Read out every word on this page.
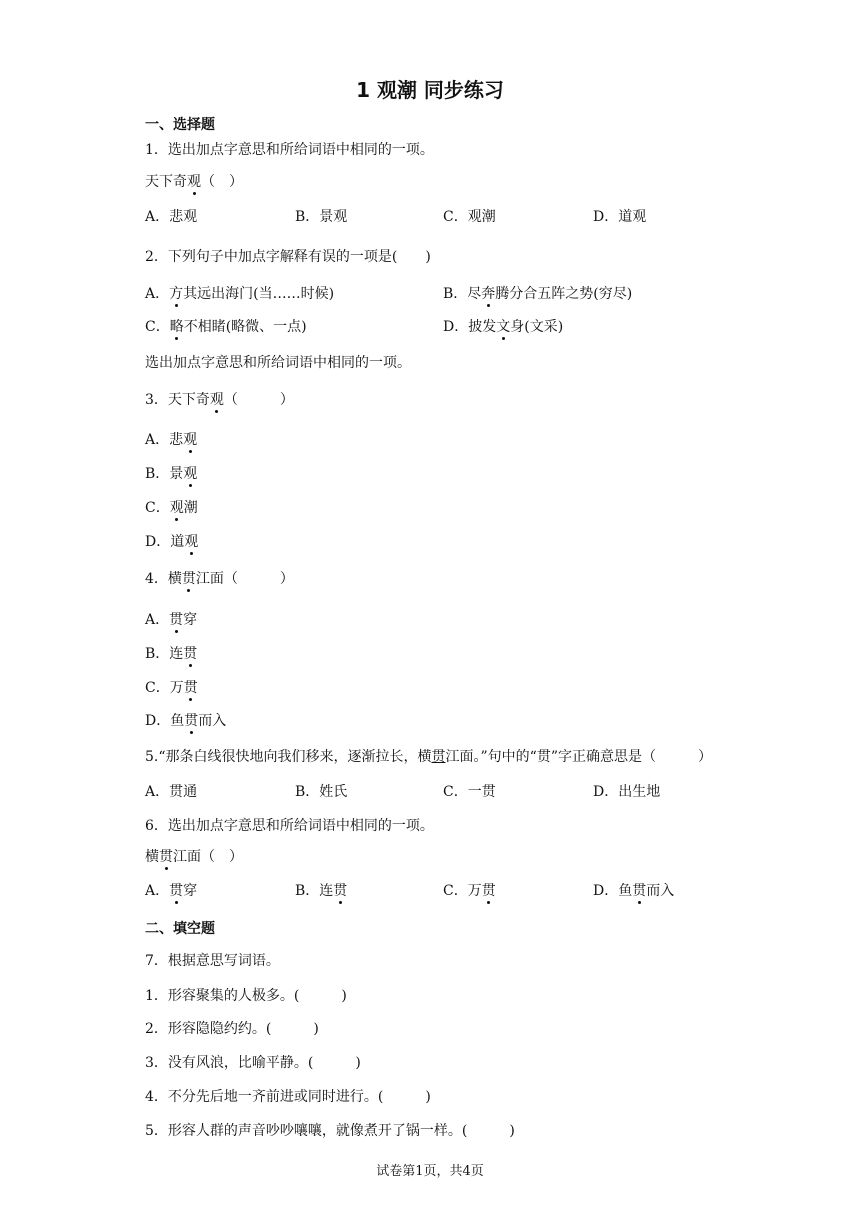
1 观潮 同步练习
一、选择题
1．选出加点字意思和所给词语中相同的一项。
天下奇观（　）
A．悲观	B．景观	C．观潮	D．道观
2．下列句子中加点字解释有误的一项是(　　)
A．方其远出海门(当……时候)	B．尽奔腾分合五阵之势(穷尽)
C．略不相睹(略微、一点)	D．披发文身(文采)
选出加点字意思和所给词语中相同的一项。
3．天下奇观（　　　）
A．悲观
B．景观
C．观潮
D．道观
4．横贯江面（　　　）
A．贯穿
B．连贯
C．万贯
D．鱼贯而入
5.“那条白线很快地向我们移来，逐渐拉长，横贯江面。”句中的“贯”字正确意思是（　　　）
A．贯通	B．姓氏	C．一贯	D．出生地
6．选出加点字意思和所给词语中相同的一项。
横贯江面（　）
A．贯穿	B．连贯	C．万贯	D．鱼贯而入
二、填空题
7．根据意思写词语。
1．形容聚集的人极多。(　　　)
2．形容隐隐约约。(　　　)
3．没有风浪，比喻平静。(　　　)
4．不分先后地一齐前进或同时进行。(　　　)
5．形容人群的声音吵吵嚷嚷，就像煮开了锅一样。(　　　)
试卷第1页，共4页
